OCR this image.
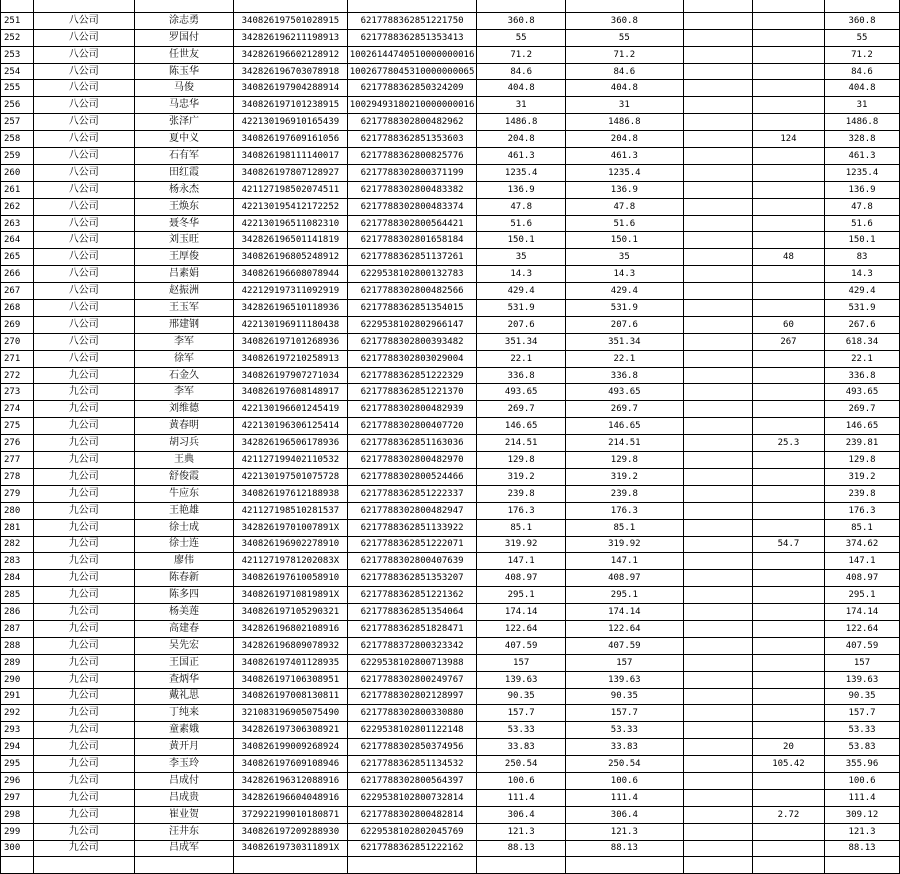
251	八公司	涂志勇	340826197501028915	6217788362851221750	360.8	360.8			360.8
252	八公司	罗国付	342826196211198913	6217788362851353413	55	55			55
253	八公司	任世友	342826196602128912	10026144740510000000016	71.2	71.2			71.2
254	八公司	陈玉华	342826196703078918	10026778045310000000065	84.6	84.6			84.6
255	八公司	马俊	340826197904288914	6217788362850324209	404.8	404.8			404.8
256	八公司	马忠华	340826197101238915	10029493180210000000016	31	31			31
257	八公司	张泽广	422130196910165439	6217788302800482962	1486.8	1486.8			1486.8
258	八公司	夏中义	340826197609161056	6217788362851353603	204.8	204.8		124	328.8
259	八公司	石有军	340826198111140017	6217788362800825776	461.3	461.3			461.3
260	八公司	田红霞	340826197807128927	6217788302800371199	1235.4	1235.4			1235.4
261	八公司	杨永杰	421127198502074511	6217788302800483382	136.9	136.9			136.9
262	八公司	王焕东	422130195412172252	6217788302800483374	47.8	47.8			47.8
263	八公司	聂冬华	422130196511082310	6217788302800564421	51.6	51.6			51.6
264	八公司	刘玉旺	342826196501141819	6217788302801658184	150.1	150.1			150.1
265	八公司	王厚俊	340826196805248912	6217788362851137261	35	35		48	83
266	八公司	吕素娟	340826196608078944	6229538102800132783	14.3	14.3			14.3
267	八公司	赵振洲	422129197311092919	6217788302800482566	429.4	429.4			429.4
268	八公司	王玉军	342826196510118936	6217788362851354015	531.9	531.9			531.9
269	八公司	邢建钢	422130196911180438	6229538102802966147	207.6	207.6		60	267.6
270	八公司	李军	340826197101268936	6217788302800393482	351.34	351.34		267	618.34
271	八公司	徐军	340826197210258913	6217788302803029004	22.1	22.1			22.1
272	九公司	石金久	340826197907271034	6217788362851222329	336.8	336.8			336.8
273	九公司	李军	340826197608148917	6217788362851221370	493.65	493.65			493.65
274	九公司	刘维德	422130196601245419	6217788302800482939	269.7	269.7			269.7
275	九公司	黄春明	422130196306125414	6217788302800407720	146.65	146.65			146.65
276	九公司	胡习兵	342826196506178936	6217788362851163036	214.51	214.51		25.3	239.81
277	九公司	王典	421127199402110532	6217788302800482970	129.8	129.8			129.8
278	九公司	舒俊霞	422130197501075728	6217788302800524466	319.2	319.2			319.2
279	九公司	牛应东	340826197612188938	6217788362851222337	239.8	239.8			239.8
280	九公司	王艳雄	421127198510281537	6217788302800482947	176.3	176.3			176.3
281	九公司	徐士成	34282619701007891X	6217788362851133922	85.1	85.1			85.1
282	九公司	徐士连	340826196902278910	6217788362851222071	319.92	319.92		54.7	374.62
283	九公司	廖伟	42112719781202083X	6217788302800407639	147.1	147.1			147.1
284	九公司	陈春新	340826197610058910	6217788362851353207	408.97	408.97			408.97
285	九公司	陈多四	34082619710819891X	6217788362851221362	295.1	295.1			295.1
286	九公司	杨美莲	340826197105290321	6217788362851354064	174.14	174.14			174.14
287	九公司	高建春	342826196802108916	6217788362851828471	122.64	122.64			122.64
288	九公司	吴先宏	342826196809078932	6217788372800323342	407.59	407.59			407.59
289	九公司	王国正	340826197401128935	6229538102800713988	157	157			157
290	九公司	查炳华	340826197106308951	6217788302800249767	139.63	139.63			139.63
291	九公司	戴礼思	340826197008130811	6217788302802128997	90.35	90.35			90.35
292	九公司	丁纯来	321083196905075490	6217788302800330880	157.7	157.7			157.7
293	九公司	童素娥	342826197306308921	6229538102801122148	53.33	53.33			53.33
294	九公司	黄开月	340826199009268924	6217788302850374956	33.83	33.83		20	53.83
295	九公司	李玉玲	340826197609108946	6217788362851134532	250.54	250.54		105.42	355.96
296	九公司	吕成付	342826196312088916	6217788302800564397	100.6	100.6			100.6
297	九公司	吕成贵	342826196604048916	6229538102800732814	111.4	111.4			111.4
298	九公司	崔业贺	372922199010180871	6217788302800482814	306.4	306.4		2.72	309.12
299	九公司	汪井东	340826197209288930	6229538102802045769	121.3	121.3			121.3
300	九公司	吕成军	34082619730311891X	6217788362851222162	88.13	88.13			88.13
